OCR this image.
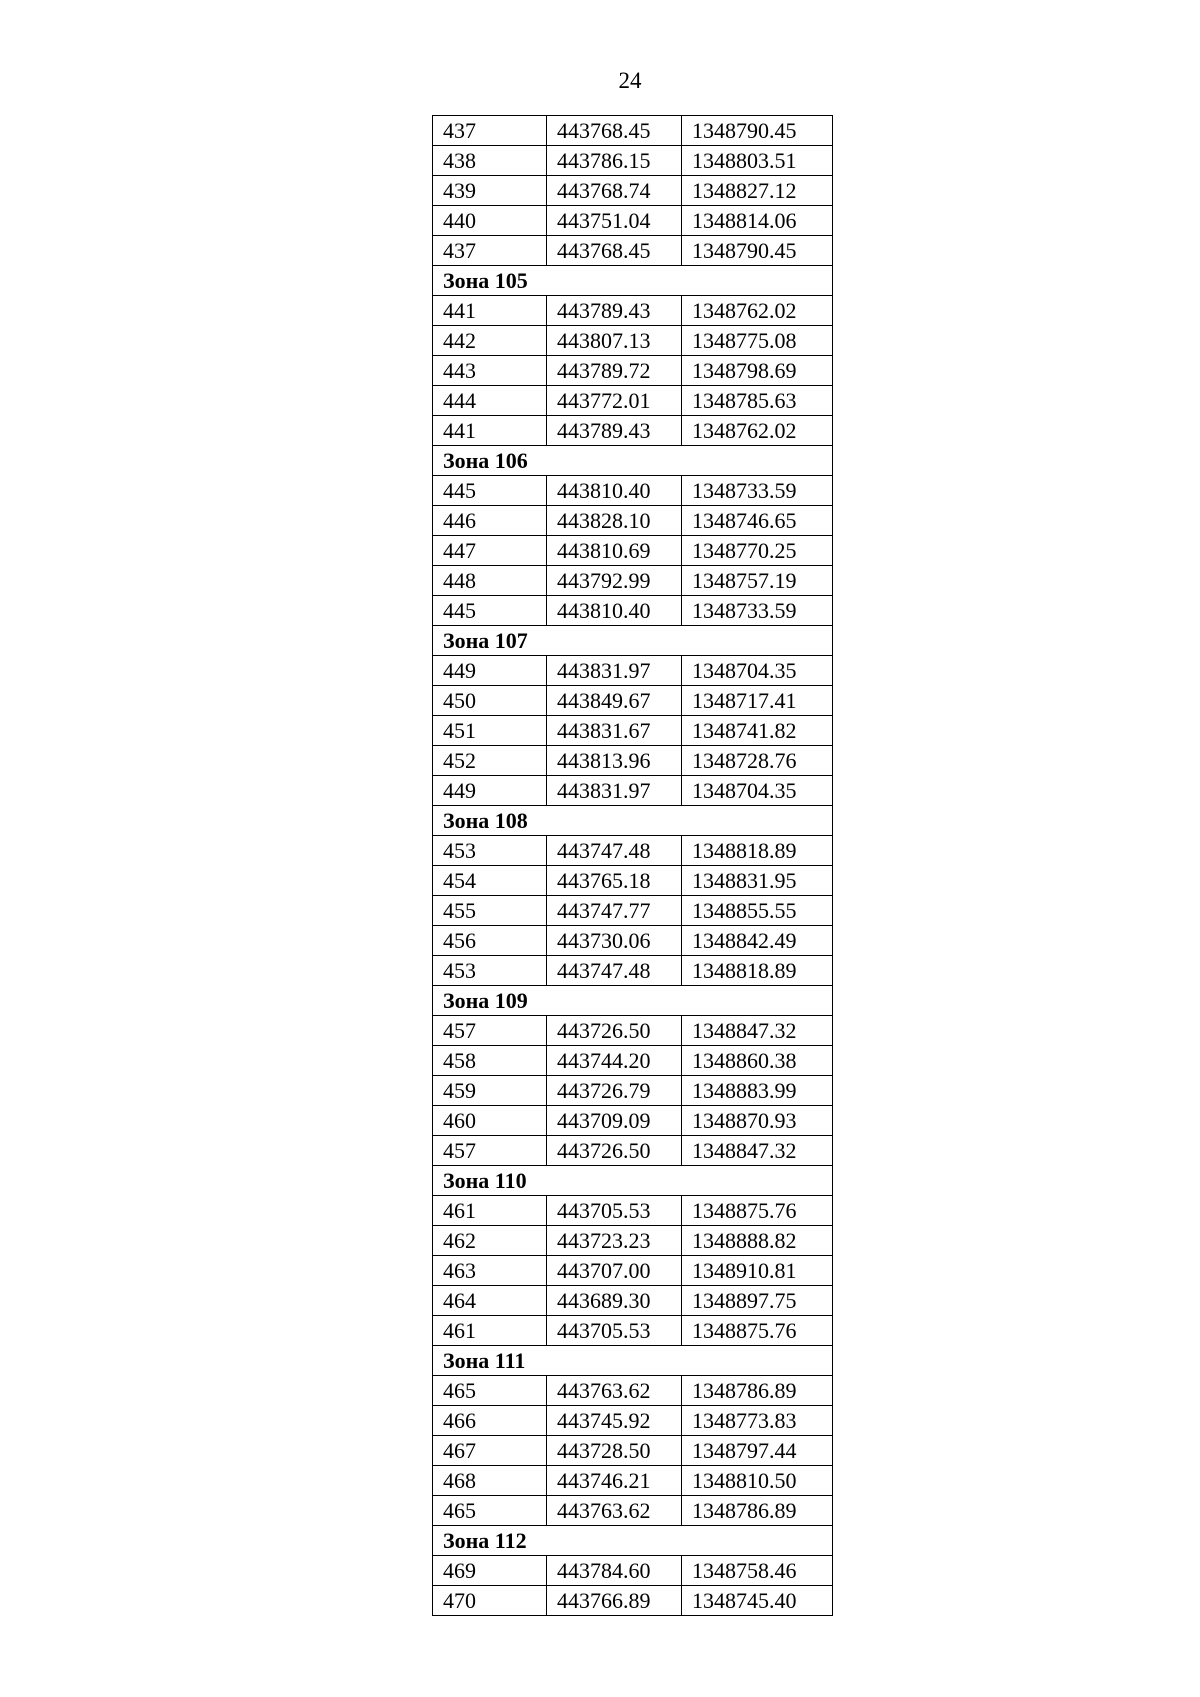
24
437	443768.45	1348790.45
438	443786.15	1348803.51
439	443768.74	1348827.12
440	443751.04	1348814.06
437	443768.45	1348790.45
Зона 105		
441	443789.43	1348762.02
442	443807.13	1348775.08
443	443789.72	1348798.69
444	443772.01	1348785.63
441	443789.43	1348762.02
Зона 106		
445	443810.40	1348733.59
446	443828.10	1348746.65
447	443810.69	1348770.25
448	443792.99	1348757.19
445	443810.40	1348733.59
Зона 107		
449	443831.97	1348704.35
450	443849.67	1348717.41
451	443831.67	1348741.82
452	443813.96	1348728.76
449	443831.97	1348704.35
Зона 108		
453	443747.48	1348818.89
454	443765.18	1348831.95
455	443747.77	1348855.55
456	443730.06	1348842.49
453	443747.48	1348818.89
Зона 109		
457	443726.50	1348847.32
458	443744.20	1348860.38
459	443726.79	1348883.99
460	443709.09	1348870.93
457	443726.50	1348847.32
Зона 110		
461	443705.53	1348875.76
462	443723.23	1348888.82
463	443707.00	1348910.81
464	443689.30	1348897.75
461	443705.53	1348875.76
Зона 111		
465	443763.62	1348786.89
466	443745.92	1348773.83
467	443728.50	1348797.44
468	443746.21	1348810.50
465	443763.62	1348786.89
Зона 112		
469	443784.60	1348758.46
470	443766.89	1348745.40
